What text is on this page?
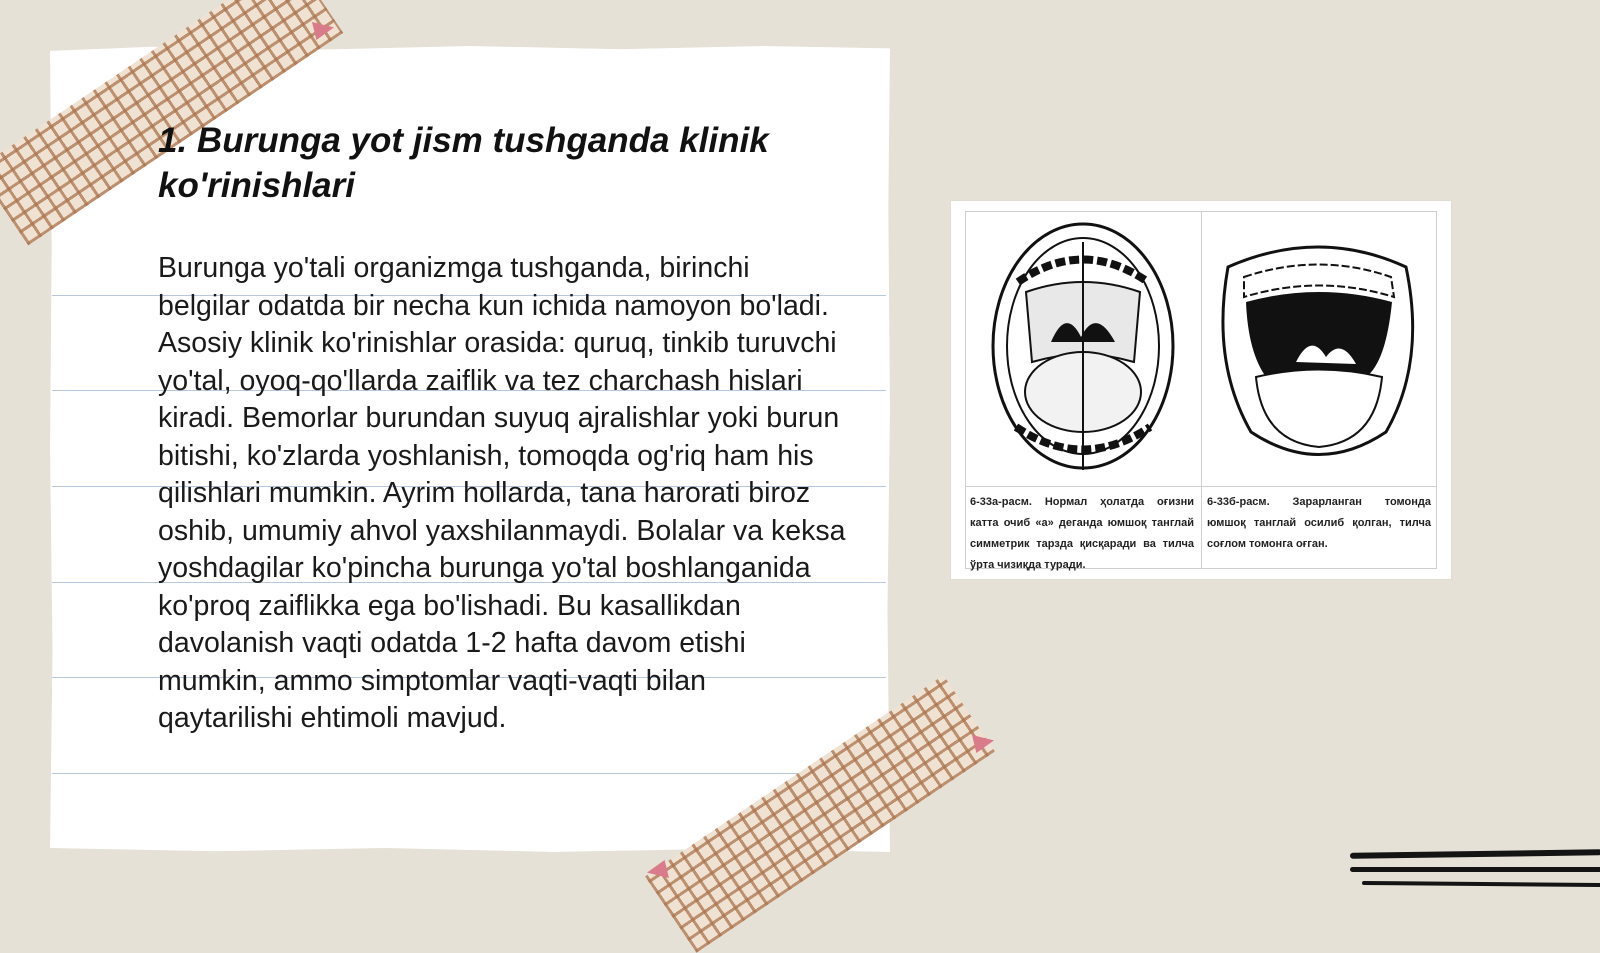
1. Burunga yot jism tushganda klinik ko'rinishlari

Burunga yo'tali organizmga tushganda, birinchi belgilar odatda bir necha kun ichida namoyon bo'ladi. Asosiy klinik ko'rinishlar orasida: quruq, tinkib turuvchi yo'tal, oyoq-qo'llarda zaiflik va tez charchash hislari kiradi. Bemorlar burundan suyuq ajralishlar yoki burun bitishi, ko'zlarda yoshlanish, tomoqda og'riq ham his qilishlari mumkin. Ayrim hollarda, tana harorati biroz oshib, umumiy ahvol yaxshilanmaydi. Bolalar va keksa yoshdagilar ko'pincha burunga yo'tal boshlanganida ko'proq zaiflikka ega bo'lishadi. Bu kasallikdan davolanish vaqti odatda 1-2 hafta davom etishi mumkin, ammo simptomlar vaqti-vaqti bilan qaytarilishi ehtimoli mavjud.

6-33а-расм. Нормал ҳолатда оғизни катта очиб «а» деганда юмшоқ танглай симметрик тарзда қисқаради ва тилча ўрта чизиқда туради.

6-33б-расм. Зарарланган томонда юмшоқ танглай осилиб қолган, тилча соғлом томонга оғган.
